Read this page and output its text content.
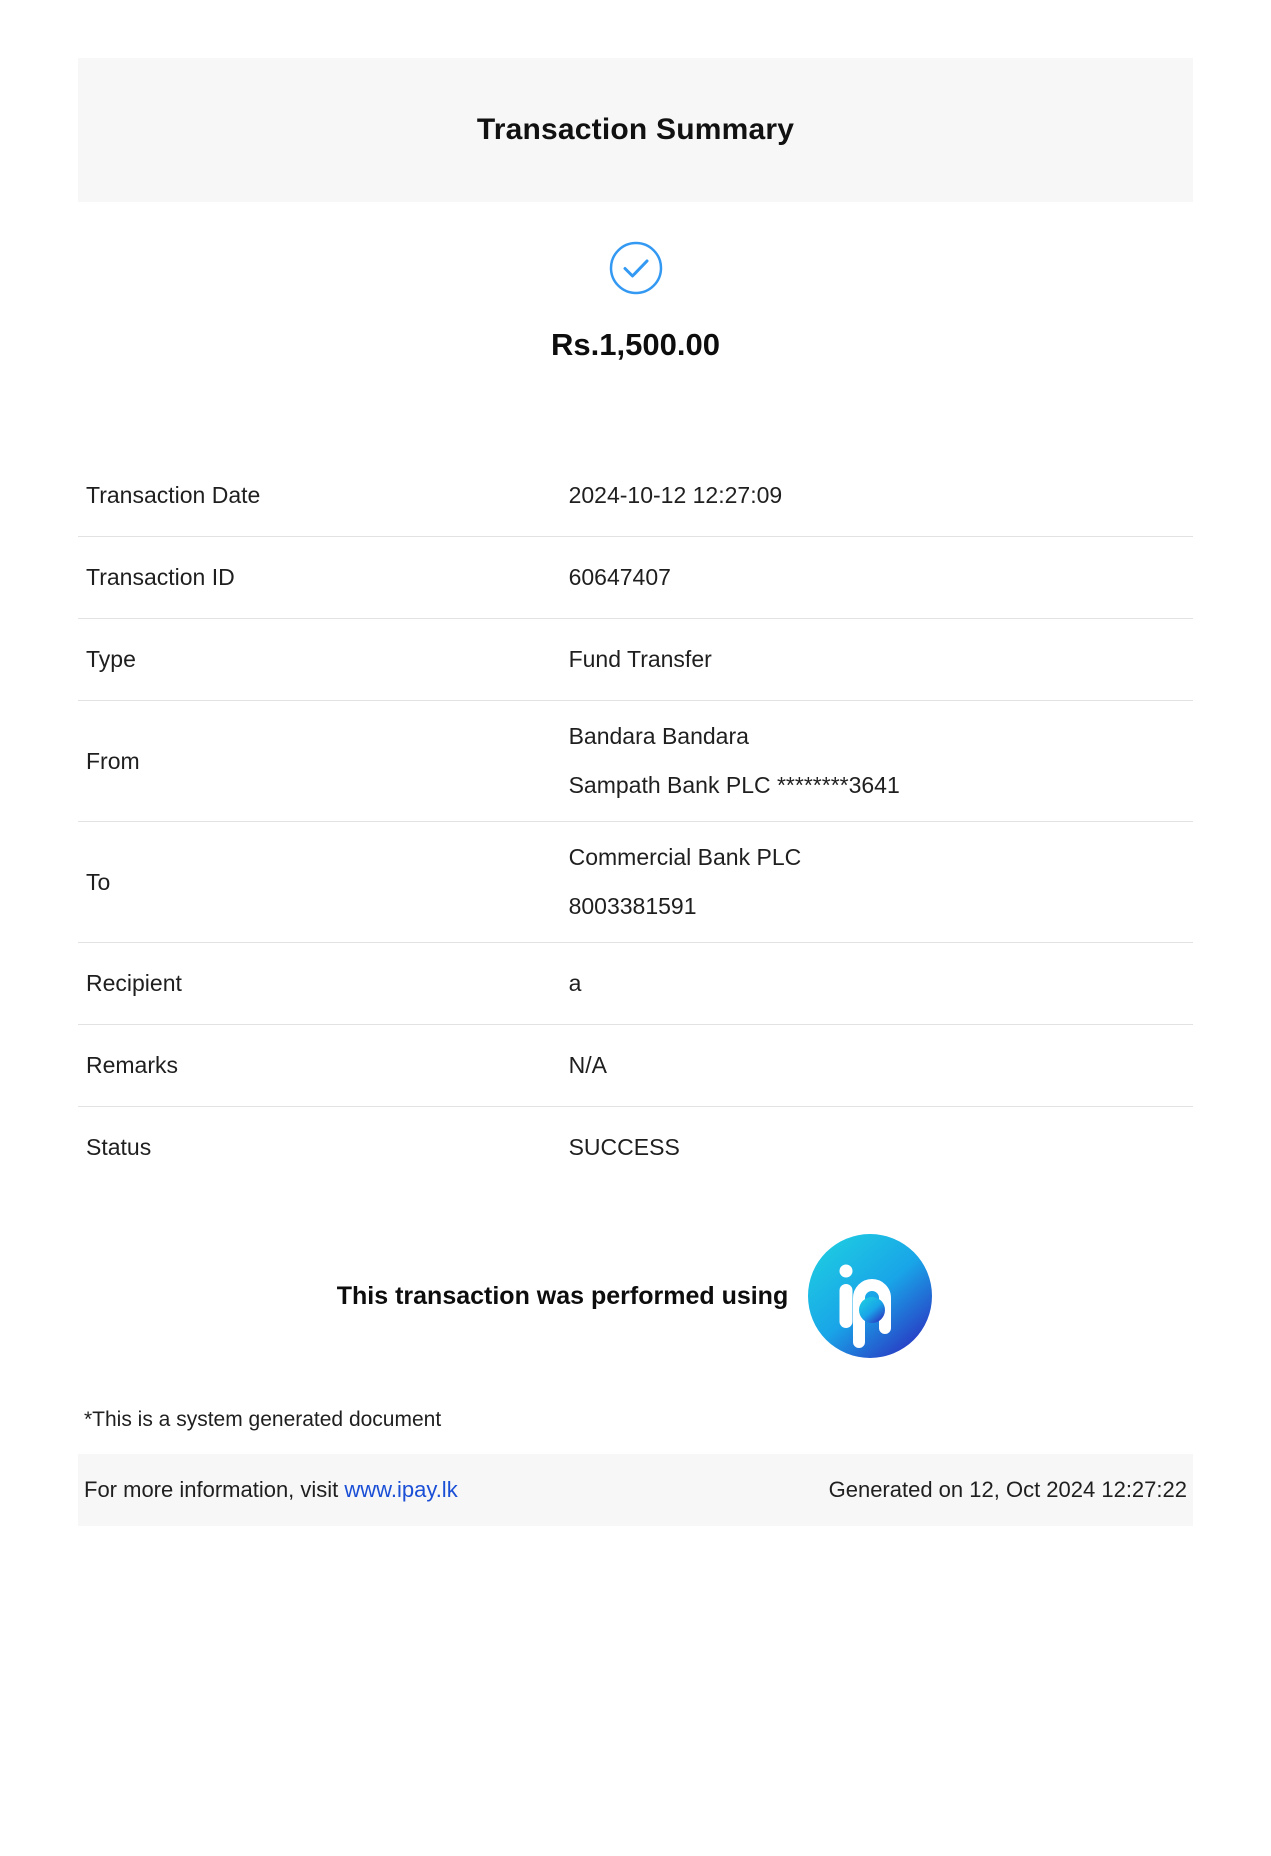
Transaction Summary
Rs.1,500.00
Transaction Date	2024-10-12 12:27:09

Transaction ID	60647407

Type	Fund Transfer

From	Bandara Bandara
Sampath Bank PLC ********3641

To	Commercial Bank PLC
8003381591

Recipient	a

Remarks	N/A

Status	SUCCESS
This transaction was performed using
*This is a system generated document
For more information, visit www.ipay.lk	Generated on 12, Oct 2024 12:27:22
